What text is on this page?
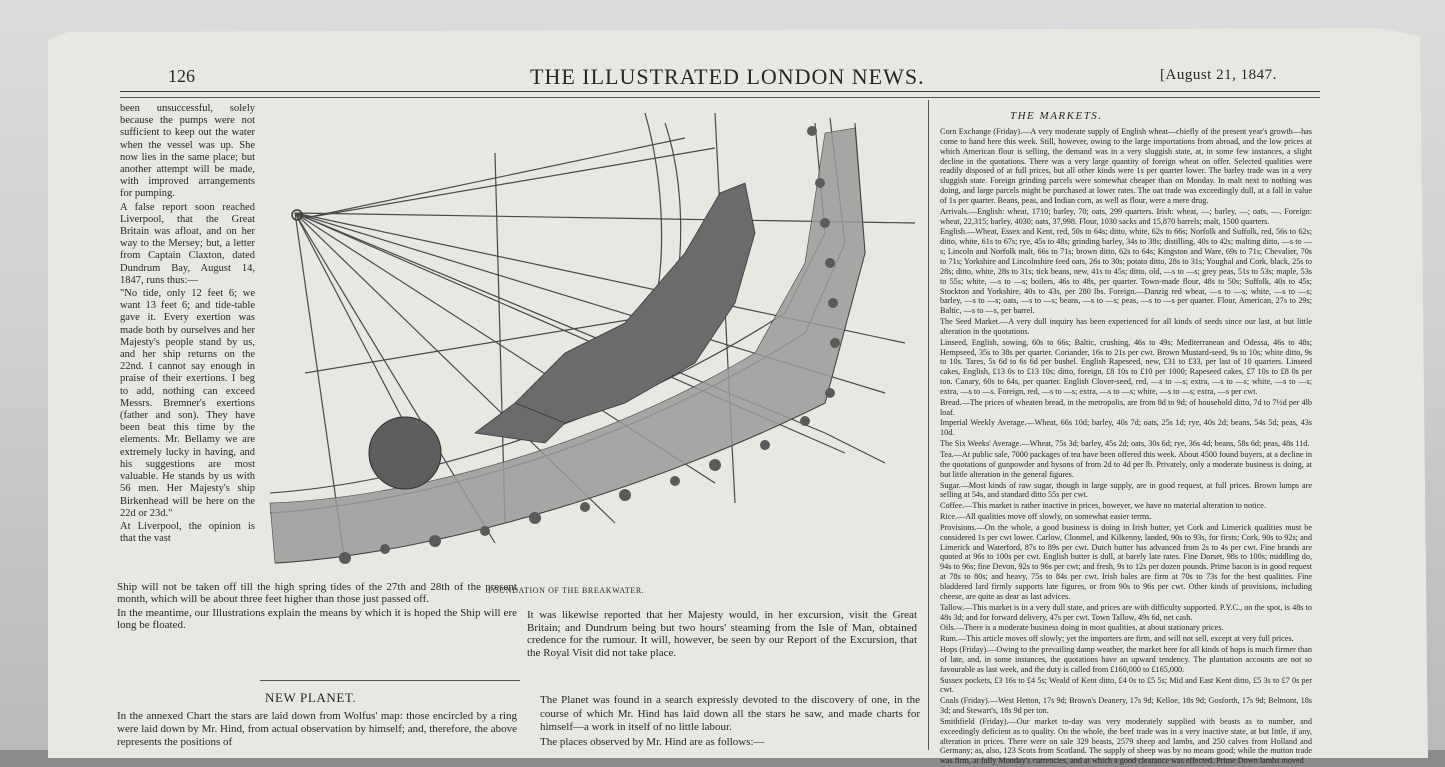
126	THE ILLUSTRATED LONDON NEWS.	[August 21, 1847.

been unsuccessful, solely because the pumps were not sufficient to keep out the water when the vessel was up. She now lies in the same place; but another attempt will be made, with improved arrangements for pumping.

A false report soon reached Liverpool, that the Great Britain was afloat, and on her way to the Mersey; but, a letter from Captain Claxton, dated Dundrum Bay, August 14, 1847, runs thus:—

"No tide, only 12 feet 6; we want 13 feet 6; and tide-table gave it. Every exertion was made both by ourselves and her Majesty's people stand by us, and her ship returns on the 22nd. I cannot say enough in praise of their exertions. I beg to add, nothing can exceed Messrs. Bremner's exertions (father and son). They have been beat this time by the elements. Mr. Bellamy we are extremely lucky in having, and his suggestions are most valuable. He stands by us with 56 men. Her Majesty's ship Birkenhead will be here on the 22d or 23d."

At Liverpool, the opinion is that the vast

FOUNDATION OF THE BREAKWATER.

Ship will not be taken off till the high spring tides of the 27th and 28th of the present month, which will be about three feet higher than those just passed off.

In the meantime, our Illustrations explain the means by which it is hoped the Ship will ere long be floated.

It was likewise reported that her Majesty would, in her excursion, visit the Great Britain; and Dundrum being but two hours' steaming from the Isle of Man, obtained credence for the rumour. It will, however, be seen by our Report of the Excursion, that the Royal Visit did not take place.

NEW PLANET.

In the annexed Chart the stars are laid down from Wolfus' map: those encircled by a ring were laid down by Mr. Hind, from actual observation by himself; and, therefore, the above represents the positions of

The Planet was found in a search expressly devoted to the discovery of one, in the course of which Mr. Hind has laid down all the stars he saw, and made charts for himself—a work in itself of no little labour.

The places observed by Mr. Hind are as follows:—

THE MARKETS.

Corn Exchange (Friday).—A very moderate supply of English wheat—chiefly of the present year's growth—has come to hand here this week. Still, however, owing to the large importations from abroad, and the low prices at which American flour is selling, the demand was in a very sluggish state, at, in some few instances, a slight decline in the quotations. There was a very large quantity of foreign wheat on offer. Selected qualities were readily disposed of at full prices, but all other kinds were 1s per quarter lower. The barley trade was in a very sluggish state. Foreign grinding parcels were somewhat cheaper than on Monday. In malt next to nothing was doing, and large parcels might be purchased at lower rates. The oat trade was exceedingly dull, at a fall in value of 1s per quarter. Beans, peas, and Indian corn, as well as flour, were a mere drug.

Arrivals.—English: wheat, 1710; barley, 70; oats, 299 quarters. Irish: wheat, —; barley, —; oats, —. Foreign: wheat, 22,315; barley, 4030; oats, 37,998. Flour, 1030 sacks and 15,870 barrels; malt, 1500 quarters.

English.—Wheat, Essex and Kent, red, 50s to 64s; ditto, white, 62s to 66s; Norfolk and Suffolk, red, 56s to 62s; ditto, white, 61s to 67s; rye, 45s to 48s; grinding barley, 34s to 38s; distilling, 40s to 42s; malting ditto, —s to —s; Lincoln and Norfolk malt, 66s to 71s; brown ditto, 62s to 64s; Kingston and Ware, 69s to 71s; Chevalier, 70s to 71s; Yorkshire and Lincolnshire feed oats, 26s to 30s; potato ditto, 28s to 31s; Youghal and Cork, black, 25s to 28s; ditto, white, 28s to 31s; tick beans, new, 41s to 45s; ditto, old, —s to —s; grey peas, 51s to 53s; maple, 53s to 55s; white, —s to —s; boilers, 46s to 48s, per quarter. Town-made flour, 48s to 50s; Suffolk, 40s to 45s; Stockton and Yorkshire, 40s to 43s, per 280 lbs. Foreign.—Danzig red wheat, —s to —s; white, —s to —s; barley, —s to —s; oats, —s to —s; beans, —s to —s; peas, —s to —s per quarter. Flour, American, 27s to 29s; Baltic, —s to —s, per barrel.

The Seed Market.—A very dull inquiry has been experienced for all kinds of seeds since our last, at but little alteration in the quotations.

Linseed, English, sowing, 60s to 66s; Baltic, crushing, 46s to 49s; Mediterranean and Odessa, 46s to 48s; Hempseed, 35s to 38s per quarter. Coriander, 16s to 21s per cwt. Brown Mustard-seed, 9s to 10s; white ditto, 9s to 10s. Tares, 5s 6d to 6s 6d per bushel. English Rapeseed, new, £31 to £33, per last of 10 quarters. Linseed cakes, English, £13 0s to £13 10s; ditto, foreign, £8 10s to £10 per 1000; Rapeseed cakes, £7 10s to £8 0s per ton. Canary, 60s to 64s, per quarter. English Clover-seed, red, —s to —s; extra, —s to —s; white, —s to —s; extra, —s to —s. Foreign, red, —s to —s; extra, —s to —s; white, —s to —s; extra, —s per cwt.

Bread.—The prices of wheaten bread, in the metropolis, are from 8d to 9d; of household ditto, 7d to 7½d per 4lb loaf.

Imperial Weekly Average.—Wheat, 66s 10d; barley, 40s 7d; oats, 25s 1d; rye, 40s 2d; beans, 54s 5d; peas, 43s 10d.

The Six Weeks' Average.—Wheat, 75s 3d; barley, 45s 2d; oats, 30s 6d; rye, 36s 4d; beans, 58s 6d; peas, 48s 11d.

Tea.—At public sale, 7000 packages of tea have been offered this week. About 4500 found buyers, at a decline in the quotations of gunpowder and hysons of from 2d to 4d per lb. Privately, only a moderate business is doing, at but little alteration in the general figures.

Sugar.—Most kinds of raw sugar, though in large supply, are in good request, at full prices. Brown lumps are selling at 54s, and standard ditto 55s per cwt.

Coffee.—This market is rather inactive in prices, however, we have no material alteration to notice.

Rice.—All qualities move off slowly, on somewhat easier terms.

Provisions.—On the whole, a good business is doing in Irish butter, yet Cork and Limerick qualities must be considered 1s per cwt lower. Carlow, Clonmel, and Kilkenny, landed, 90s to 93s, for firsts; Cork, 90s to 92s; and Limerick and Waterford, 87s to 89s per cwt. Dutch butter has advanced from 2s to 4s per cwt. Fine brands are quoted at 96s to 100s per cwt. English butter is dull, at barely late rates. Fine Dorset, 98s to 100s; middling do, 94s to 96s; fine Devon, 92s to 96s per cwt; and fresh, 9s to 12s per dozen pounds. Prime bacon is in good request at 78s to 80s; and heavy, 75s to 84s per cwt. Irish bales are firm at 70s to 73s for the best qualities. Fine bladdered lard firmly supports late figures, or from 90s to 96s per cwt. Other kinds of provisions, including cheese, are quite as dear as last advices.

Tallow.—This market is in a very dull state, and prices are with difficulty supported. P.Y.C., on the spot, is 48s to 48s 3d; and for forward delivery, 47s per cwt. Town Tallow, 49s 6d, net cash.

Oils.—There is a moderate business doing in most qualities, at about stationary prices.

Rum.—This article moves off slowly; yet the importers are firm, and will not sell, except at very full prices.

Hops (Friday).—Owing to the prevailing damp weather, the market here for all kinds of hops is much firmer than of late, and, in some instances, the quotations have an upward tendency. The plantation accounts are not so favourable as last week, and the duty is called from £160,000 to £165,000.

Sussex pockets, £3 16s to £4 5s; Weald of Kent ditto, £4 0s to £5 5s; Mid and East Kent ditto, £5 3s to £7 0s per cwt.

Coals (Friday).—West Hetton, 17s 9d; Brown's Deanery, 17s 9d; Kelloe, 18s 9d; Gosforth, 17s 9d; Belmont, 18s 3d; and Stewart's, 18s 9d per ton.

Smithfield (Friday).—Our market to-day was very moderately supplied with beasts as to number, and exceedingly deficient as to quality. On the whole, the beef trade was in a very inactive state, at but little, if any, alteration in prices. There were on sale 329 beasts, 2579 sheep and lambs, and 250 calves from Holland and Germany; as, also, 123 Scots from Scotland. The supply of sheep was by no means good; while the mutton trade was firm, at fully Monday's currencies, and at which a good clearance was effected. Prime Down lambs moved
